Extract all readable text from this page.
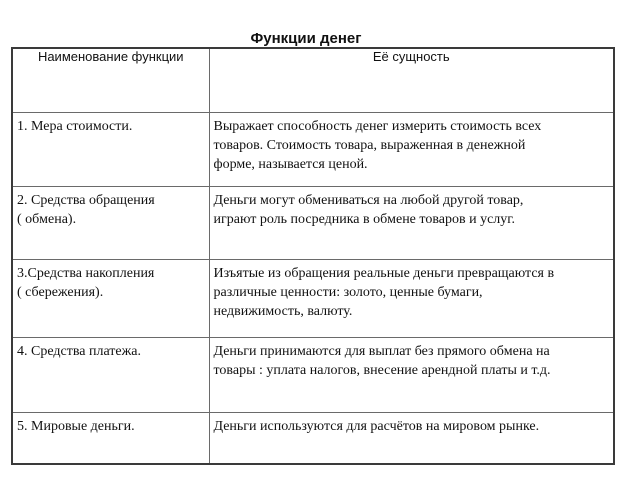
Функции денег
Наименование функции	Её сущность

1. Мера стоимости.	Выражает способность денег измерить стоимость всех
товаров. Стоимость товара, выраженная в денежной
форме, называется ценой.

2. Средства обращения
( обмена).	Деньги могут обмениваться на любой другой товар,
играют роль посредника в обмене товаров и услуг.

3.Средства накопления
( сбережения).	Изъятые из обращения реальные деньги превращаются в
различные ценности: золото, ценные бумаги,
недвижимость, валюту.

4. Средства платежа.	Деньги принимаются для выплат без прямого обмена на
товары : уплата налогов, внесение арендной платы и т.д.

5. Мировые деньги.	Деньги используются для расчётов на мировом рынке.
